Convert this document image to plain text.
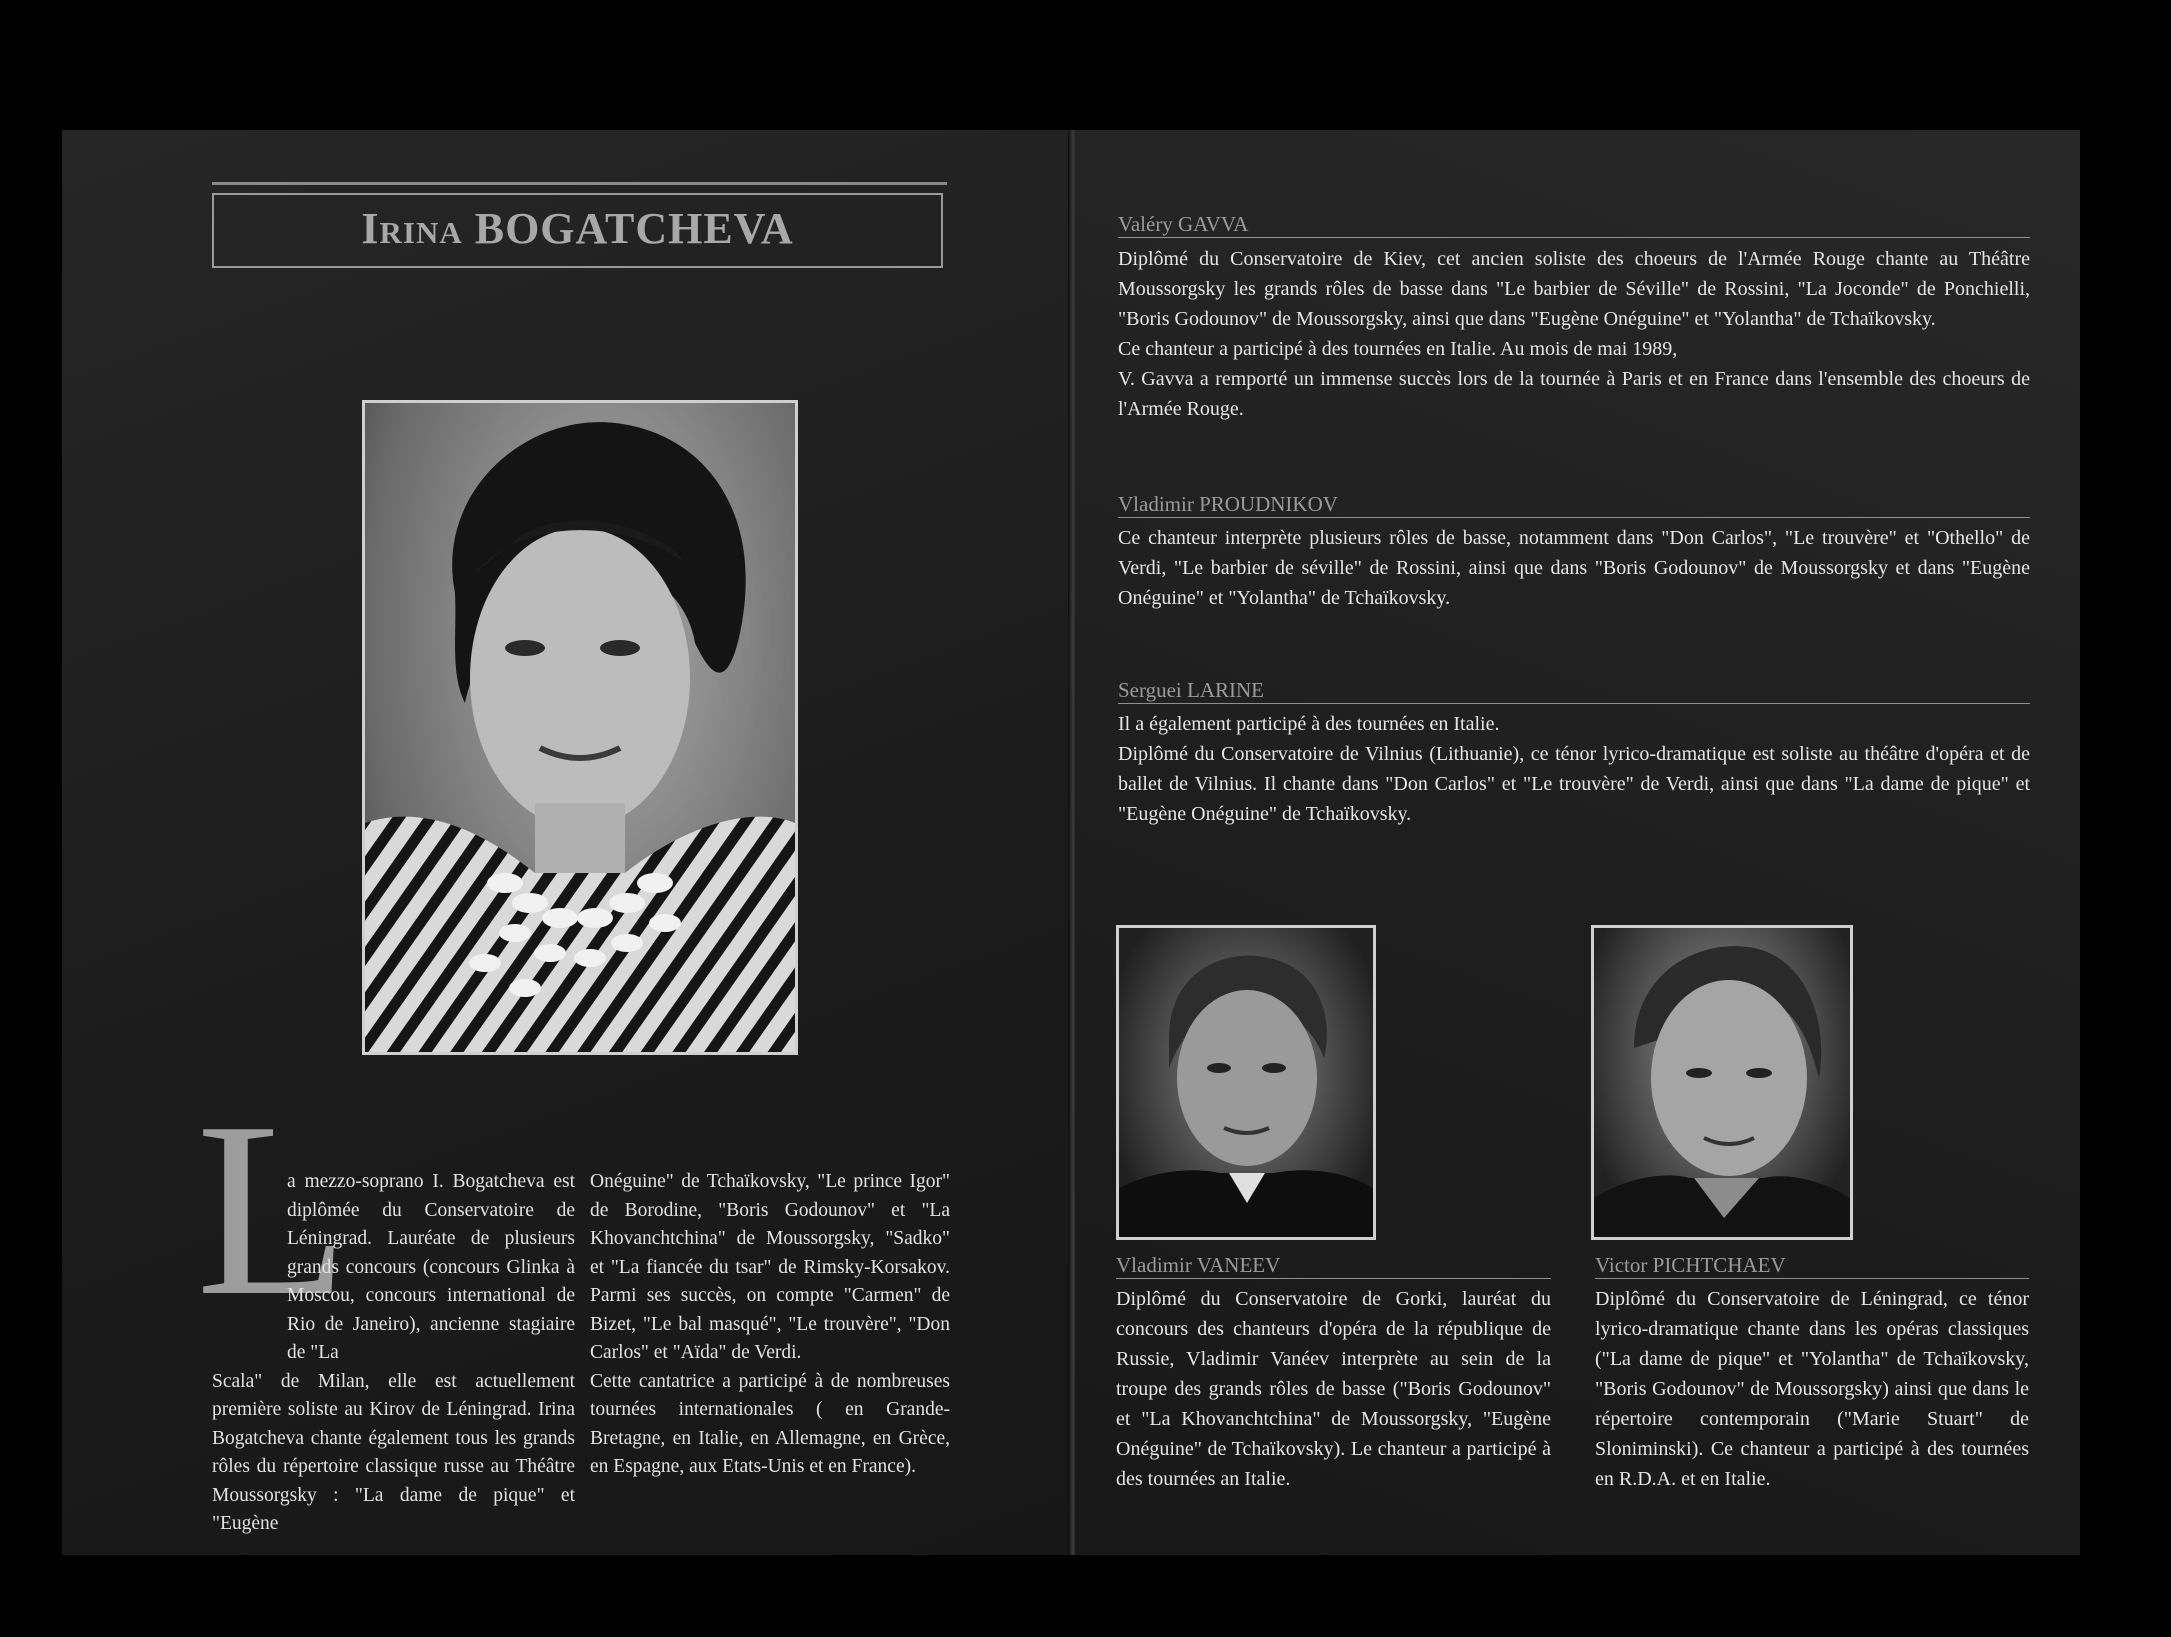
Irina BOGATCHEVA
L
a mezzo-soprano I. Bogatcheva est diplômée du Conservatoire de Léningrad. Lauréate de plusieurs grands concours (concours Glinka à Moscou, concours international de Rio de Janeiro), ancienne stagiaire de "La
Scala" de Milan, elle est actuellement première soliste au Kirov de Léningrad. Irina Bogatcheva chante également tous les grands rôles du répertoire classique russe au Théâtre Moussorgsky : "La dame de pique" et "Eugène
Onéguine" de Tchaïkovsky, "Le prince Igor" de Borodine, "Boris Godounov" et "La Khovanchtchina" de Moussorgsky, "Sadko" et "La fiancée du tsar" de Rimsky-Korsakov. Parmi ses succès, on compte "Carmen" de Bizet, "Le bal masqué", "Le trouvère", "Don Carlos" et "Aïda" de Verdi.
Cette cantatrice a participé à de nombreuses tournées internationales ( en Grande-Bretagne, en Italie, en Allemagne, en Grèce, en Espagne, aux Etats-Unis et en France).
Valéry GAVVA
Diplômé du Conservatoire de Kiev, cet ancien soliste des choeurs de l'Armée Rouge chante au Théâtre Moussorgsky les grands rôles de basse dans "Le barbier de Séville" de Rossini, "La Joconde" de Ponchielli, "Boris Godounov" de Moussorgsky, ainsi que dans "Eugène Onéguine" et "Yolantha" de Tchaïkovsky.
Ce chanteur a participé à des tournées en Italie. Au mois de mai 1989,
V. Gavva a remporté un immense succès lors de la tournée à Paris et en France dans l'ensemble des choeurs de l'Armée Rouge.
Vladimir PROUDNIKOV
Ce chanteur interprète plusieurs rôles de basse, notamment dans "Don Carlos", "Le trouvère" et "Othello" de Verdi, "Le barbier de séville" de Rossini, ainsi que dans "Boris Godounov" de Moussorgsky et dans "Eugène Onéguine" et "Yolantha" de Tchaïkovsky.
Serguei LARINE
Il a également participé à des tournées en Italie.
Diplômé du Conservatoire de Vilnius (Lithuanie), ce ténor lyrico-dramatique est soliste au théâtre d'opéra et de ballet de Vilnius. Il chante dans "Don Carlos" et "Le trouvère" de Verdi, ainsi que dans "La dame de pique" et "Eugène Onéguine" de Tchaïkovsky.
Vladimir VANEEV
Diplômé du Conservatoire de Gorki, lauréat du concours des chanteurs d'opéra de la république de Russie, Vladimir Vanéev interprète au sein de la troupe des grands rôles de basse ("Boris Godounov" et "La Khovanchtchina" de Moussorgsky, "Eugène Onéguine" de Tchaïkovsky). Le chanteur a participé à des tournées an Italie.
Victor PICHTCHAEV
Diplômé du Conservatoire de Léningrad, ce ténor lyrico-dramatique chante dans les opéras classiques ("La dame de pique" et "Yolantha" de Tchaïkovsky, "Boris Godounov" de Moussorgsky) ainsi que dans le répertoire contemporain ("Marie Stuart" de Sloniminski). Ce chanteur a participé à des tournées en R.D.A. et en Italie.
